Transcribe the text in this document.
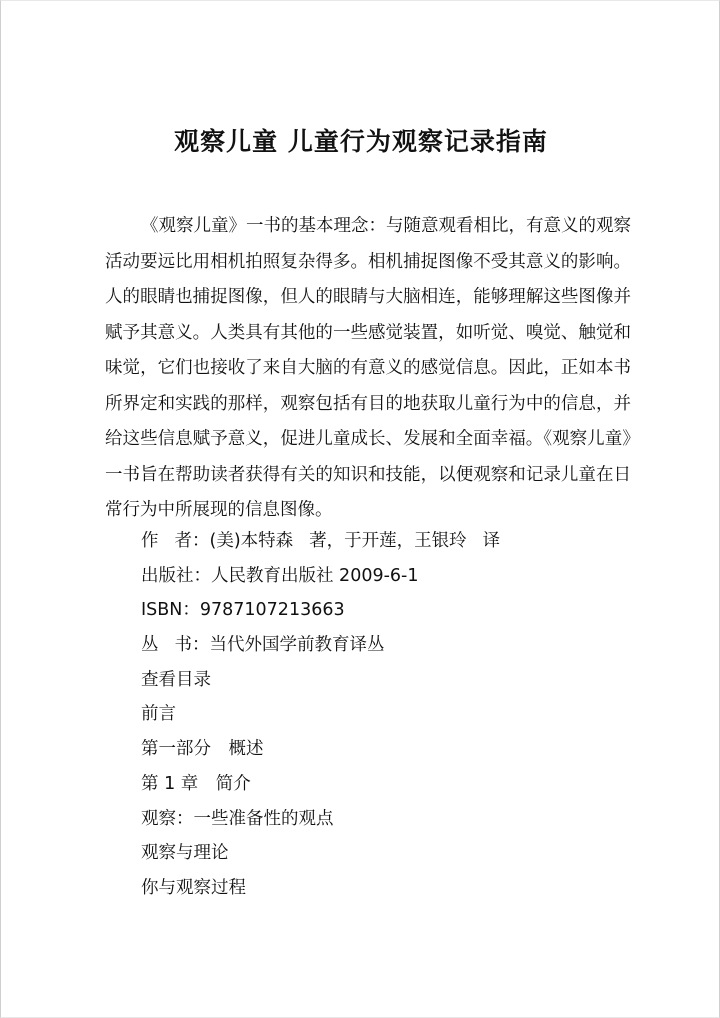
观察儿童 儿童行为观察记录指南

《观察儿童》一书的基本理念：与随意观看相比，有意义的观察活动要远比用相机拍照复杂得多。相机捕捉图像不受其意义的影响。人的眼睛也捕捉图像，但人的眼睛与大脑相连，能够理解这些图像并赋予其意义。人类具有其他的一些感觉装置，如听觉、嗅觉、触觉和味觉，它们也接收了来自大脑的有意义的感觉信息。因此，正如本书所界定和实践的那样，观察包括有目的地获取儿童行为中的信息，并给这些信息赋予意义，促进儿童成长、发展和全面幸福。《观察儿童》一书旨在帮助读者获得有关的知识和技能，以便观察和记录儿童在日常行为中所展现的信息图像。

作 者：(美)本特森 著，于开莲，王银玲 译
出版社：人民教育出版社 2009-6-1
ISBN：9787107213663
丛 书：当代外国学前教育译丛
查看目录
前言
第一部分　概述
第 1 章　简介
观察：一些准备性的观点
观察与理论
你与观察过程
